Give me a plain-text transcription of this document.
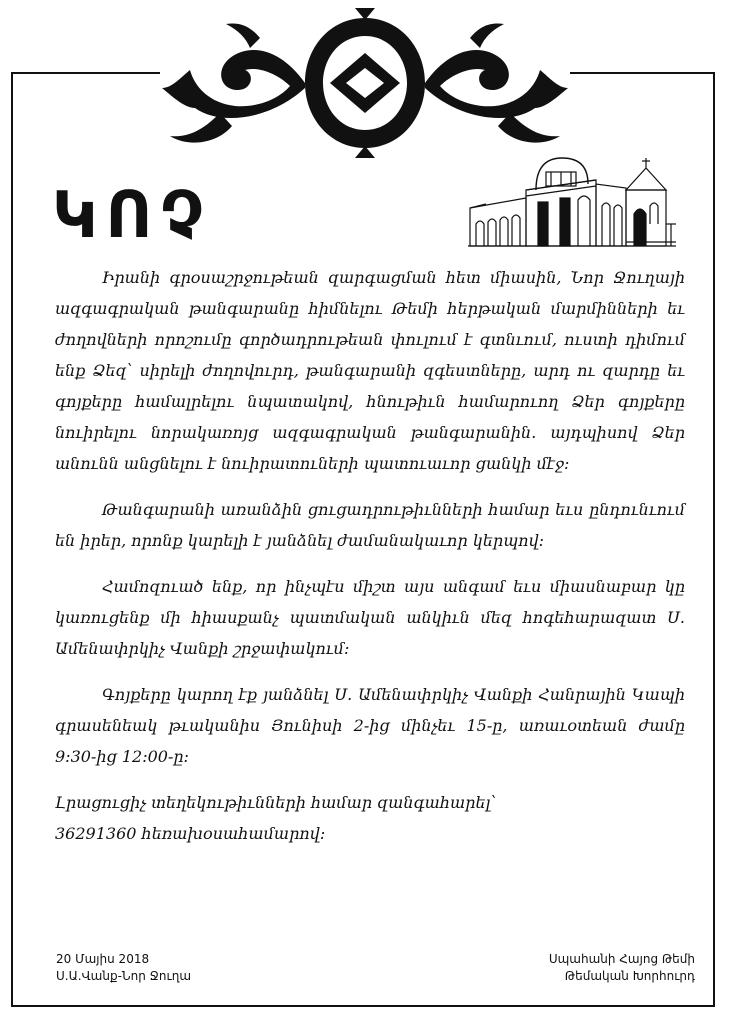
ԿՈՉ

Իրանի գրօսաշրջութեան զարգացման հետ միասին, Նոր Ջուղայի ազգագրական թանգարանը հիմնելու Թեմի հերթական մարմինների եւ ժողովների որոշումը գործադրութեան փուլում է գտնւում, ուստի դիմում ենք Ձեզ՝ սիրելի ժողովուրդ, թանգարանի զգեստները, արդ ու զարդը եւ գոյքերը համալրելու նպատակով, հնութիւն համարուող Ձեր գոյքերը նուիրելու նորակառոյց ազգագրական թանգարանին. այդպիսով Ձեր անունն անցնելու է նուիրատուների պատուաւոր ցանկի մէջ:

Թանգարանի առանձին ցուցադրութիւնների համար եւս ընդունւում են իրեր, որոնք կարելի է յանձնել ժամանակաւոր կերպով:

Համոզուած ենք, որ ինչպէս միշտ այս անգամ եւս միասնաբար կը կառուցենք մի հիասքանչ պատմական անկիւն մեզ հոգեհարազատ Ս. Ամենափրկիչ Վանքի շրջափակում:

Գոյքերը կարող էք յանձնել Ս. Ամենափրկիչ Վանքի Հանրային Կապի գրասենեակ թւականիս Յունիսի 2-ից մինչեւ 15-ը, առաւօտեան ժամը 9:30-ից 12:00-ը:

Լրացուցիչ տեղեկութիւնների համար զանգահարել՝
36291360 հեռախօսահամարով:

20 Մայիս 2018
Ս.Ա.Վանք-Նոր Ջուղա
Սպահանի Հայոց Թեմի
Թեմական Խորհուրդ
